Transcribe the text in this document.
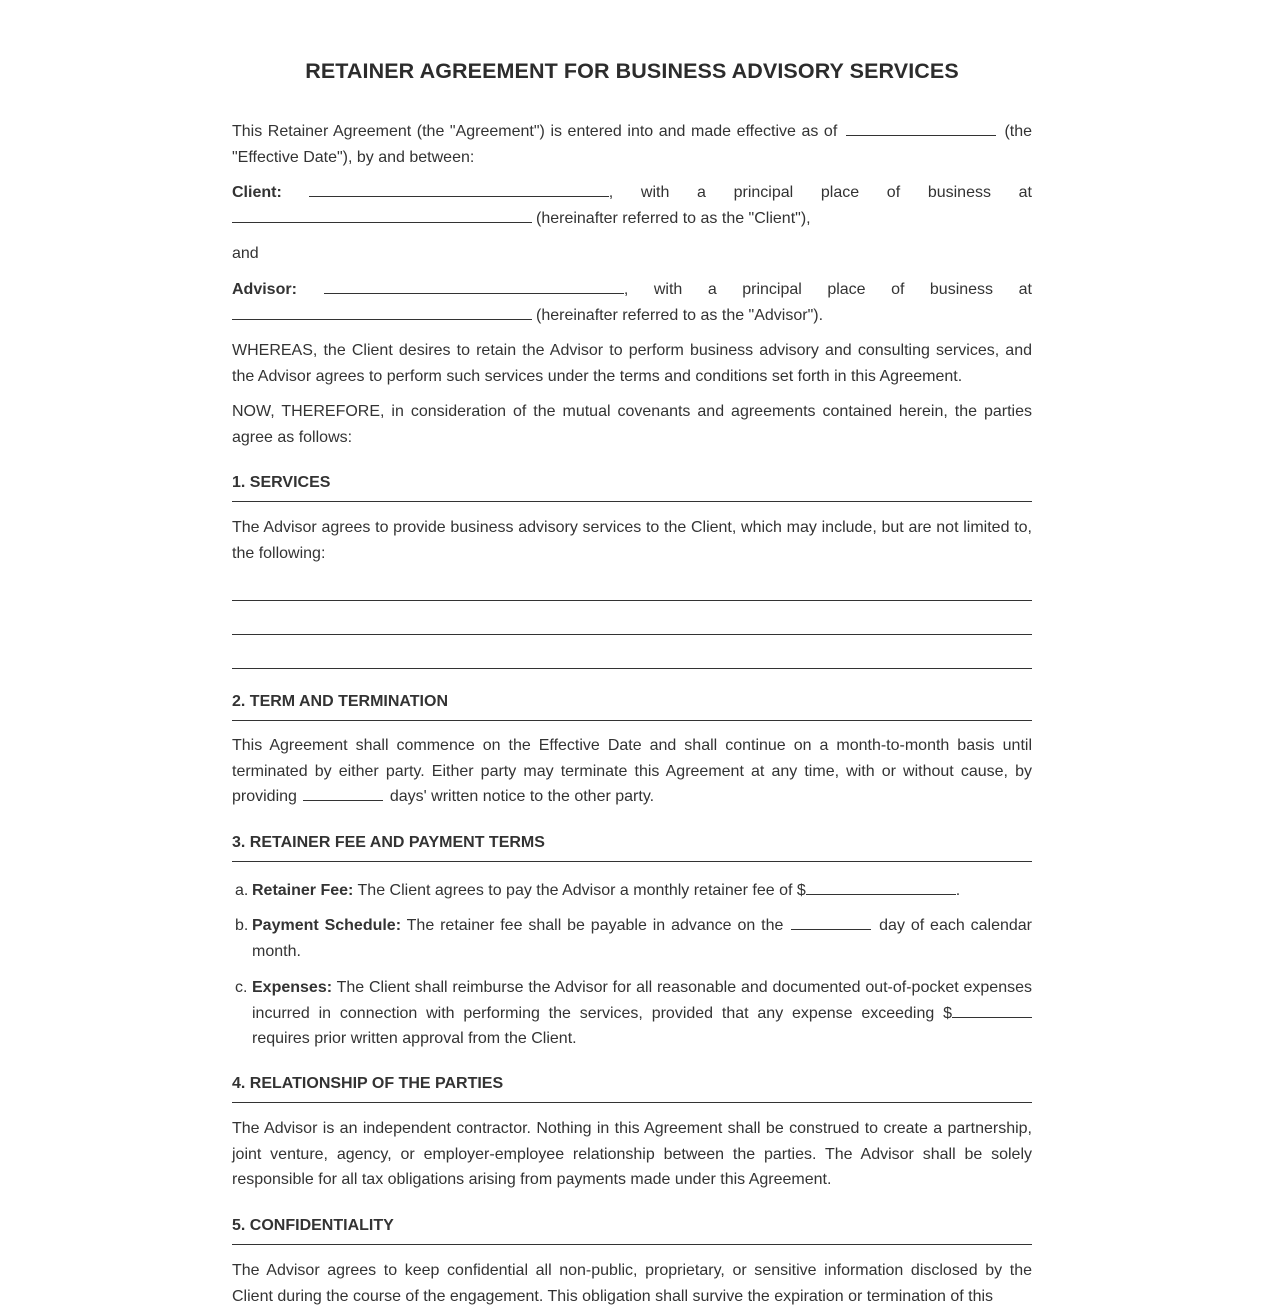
RETAINER AGREEMENT FOR BUSINESS ADVISORY SERVICES
This Retainer Agreement (the "Agreement") is entered into and made effective as of	(the "Effective Date"), by and between:
Client:	, with a principal place of business at
(hereinafter referred to as the "Client"),
and
Advisor:	, with a principal place of business at
(hereinafter referred to as the "Advisor").
WHEREAS, the Client desires to retain the Advisor to perform business advisory and consulting services, and the Advisor agrees to perform such services under the terms and conditions set forth in this Agreement.
NOW, THEREFORE, in consideration of the mutual covenants and agreements contained herein, the parties agree as follows:
1. SERVICES
The Advisor agrees to provide business advisory services to the Client, which may include, but are not limited to, the following:
2. TERM AND TERMINATION
This Agreement shall commence on the Effective Date and shall continue on a month-to-month basis until terminated by either party. Either party may terminate this Agreement at any time, with or without cause, by providing	days' written notice to the other party.
3. RETAINER FEE AND PAYMENT TERMS
a. Retainer Fee: The Client agrees to pay the Advisor a monthly retainer fee of $	.
b. Payment Schedule: The retainer fee shall be payable in advance on the	day of each calendar month.
c. Expenses: The Client shall reimburse the Advisor for all reasonable and documented out-of-pocket expenses incurred in connection with performing the services, provided that any expense exceeding $ requires prior written approval from the Client.
4. RELATIONSHIP OF THE PARTIES
The Advisor is an independent contractor. Nothing in this Agreement shall be construed to create a partnership, joint venture, agency, or employer-employee relationship between the parties. The Advisor shall be solely responsible for all tax obligations arising from payments made under this Agreement.
5. CONFIDENTIALITY
The Advisor agrees to keep confidential all non-public, proprietary, or sensitive information disclosed by the Client during the course of the engagement. This obligation shall survive the expiration or termination of this
